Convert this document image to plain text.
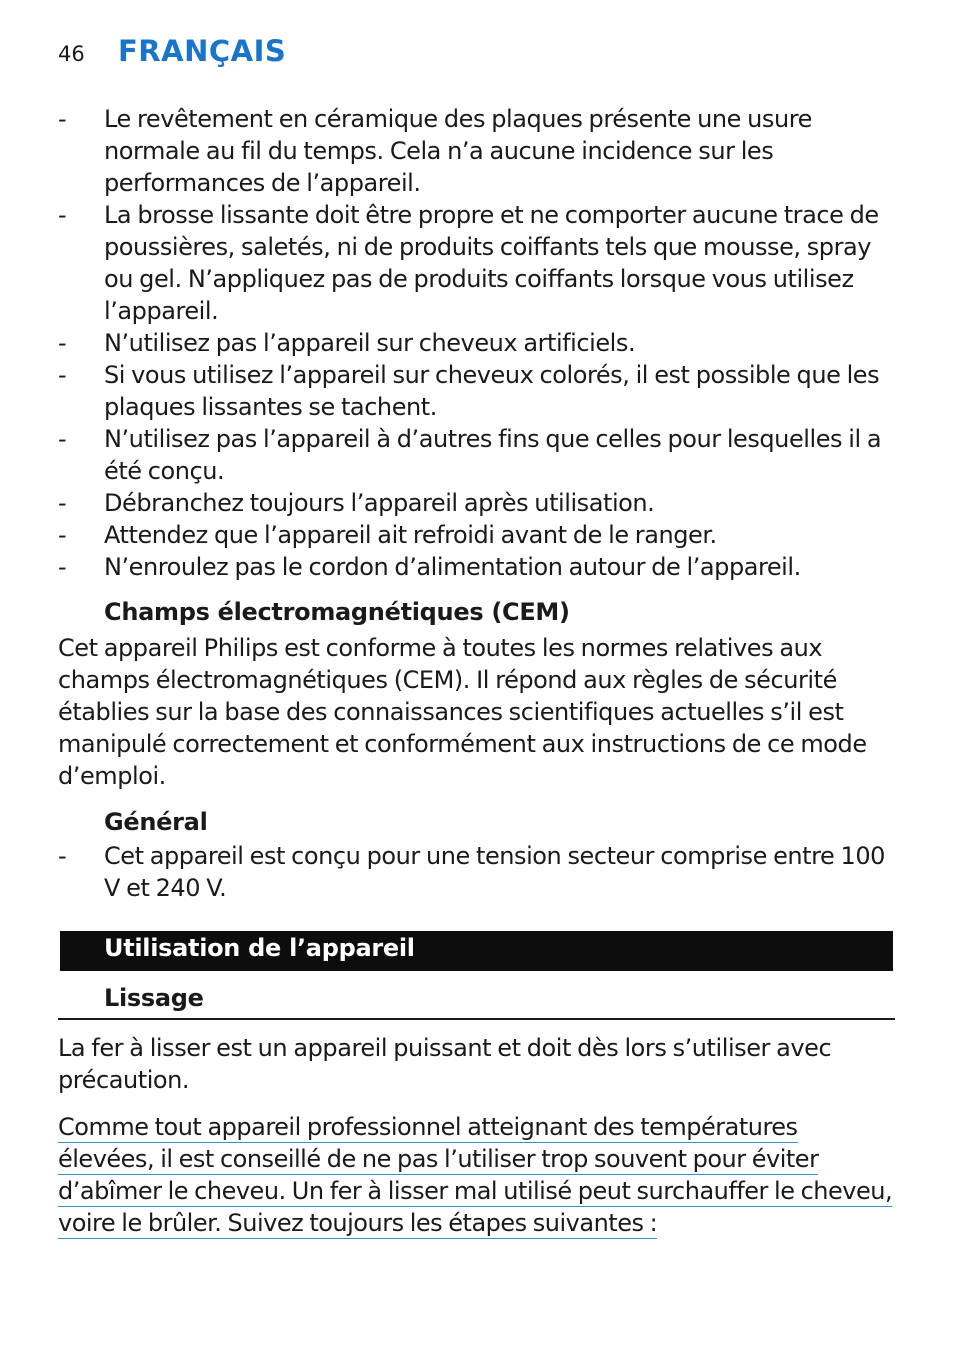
46 FRANÇAIS
- Le revêtement en céramique des plaques présente une usure normale au fil du temps. Cela n’a aucune incidence sur les performances de l’appareil.
- La brosse lissante doit être propre et ne comporter aucune trace de poussières, saletés, ni de produits coiffants tels que mousse, spray ou gel. N’appliquez pas de produits coiffants lorsque vous utilisez l’appareil.
- N’utilisez pas l’appareil sur cheveux artificiels.
- Si vous utilisez l’appareil sur cheveux colorés, il est possible que les plaques lissantes se tachent.
- N’utilisez pas l’appareil à d’autres fins que celles pour lesquelles il a été conçu.
- Débranchez toujours l’appareil après utilisation.
- Attendez que l’appareil ait refroidi avant de le ranger.
- N’enroulez pas le cordon d’alimentation autour de l’appareil.
Champs électromagnétiques (CEM)
Cet appareil Philips est conforme à toutes les normes relatives aux champs électromagnétiques (CEM). Il répond aux règles de sécurité établies sur la base des connaissances scientifiques actuelles s’il est manipulé correctement et conformément aux instructions de ce mode d’emploi.
Général
- Cet appareil est conçu pour une tension secteur comprise entre 100 V et 240 V.
Utilisation de l’appareil
Lissage
La fer à lisser est un appareil puissant et doit dès lors s’utiliser avec précaution.
Comme tout appareil professionnel atteignant des températures
élevées, il est conseillé de ne pas l’utiliser trop souvent pour éviter
d’abîmer le cheveu. Un fer à lisser mal utilisé peut surchauffer le cheveu,
voire le brûler. Suivez toujours les étapes suivantes :
